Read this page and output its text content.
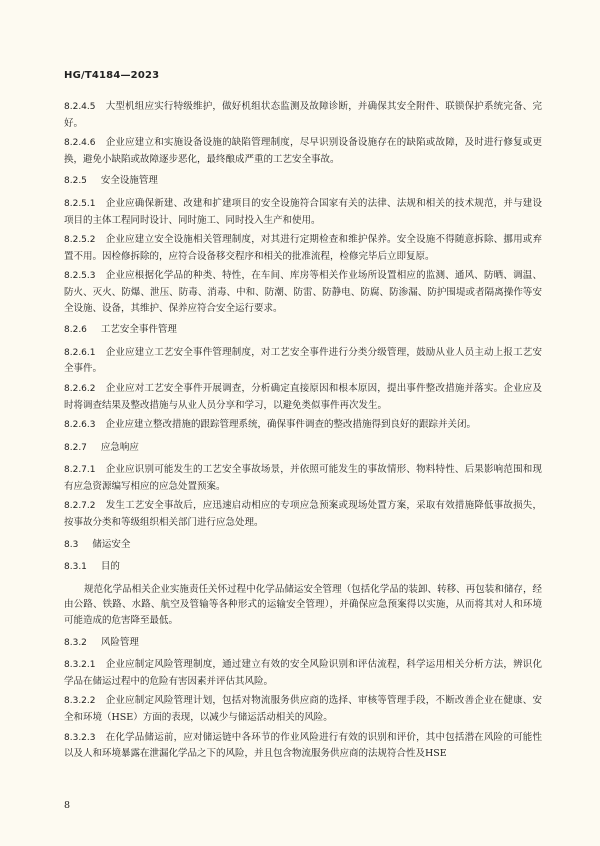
HG/T4184—2023

8.2.4.5 大型机组应实行特级维护，做好机组状态监测及故障诊断，并确保其安全附件、联锁保护系统完备、完好。

8.2.4.6 企业应建立和实施设备设施的缺陷管理制度，尽早识别设备设施存在的缺陷或故障，及时进行修复或更换，避免小缺陷或故障逐步恶化，最终酿成严重的工艺安全事故。

8.2.5 安全设施管理

8.2.5.1 企业应确保新建、改建和扩建项目的安全设施符合国家有关的法律、法规和相关的技术规范，并与建设项目的主体工程同时设计、同时施工、同时投入生产和使用。

8.2.5.2 企业应建立安全设施相关管理制度，对其进行定期检查和维护保养。安全设施不得随意拆除、挪用或弃置不用。因检修拆除的，应符合设备移交程序和相关的批准流程，检修完毕后立即复原。

8.2.5.3 企业应根据化学品的种类、特性，在车间、库房等相关作业场所设置相应的监测、通风、防晒、调温、防火、灭火、防爆、泄压、防毒、消毒、中和、防潮、防雷、防静电、防腐、防渗漏、防护围堤或者隔离操作等安全设施、设备，其维护、保养应符合安全运行要求。

8.2.6 工艺安全事件管理

8.2.6.1 企业应建立工艺安全事件管理制度，对工艺安全事件进行分类分级管理，鼓励从业人员主动上报工艺安全事件。

8.2.6.2 企业应对工艺安全事件开展调查，分析确定直接原因和根本原因，提出事件整改措施并落实。企业应及时将调查结果及整改措施与从业人员分享和学习，以避免类似事件再次发生。

8.2.6.3 企业应建立整改措施的跟踪管理系统，确保事件调查的整改措施得到良好的跟踪并关闭。

8.2.7 应急响应

8.2.7.1 企业应识别可能发生的工艺安全事故场景，并依照可能发生的事故情形、物料特性、后果影响范围和现有应急资源编写相应的应急处置预案。

8.2.7.2 发生工艺安全事故后，应迅速启动相应的专项应急预案或现场处置方案，采取有效措施降低事故损失，按事故分类和等级组织相关部门进行应急处理。

8.3 储运安全

8.3.1 目的

规范化学品相关企业实施责任关怀过程中化学品储运安全管理（包括化学品的装卸、转移、再包装和储存，经由公路、铁路、水路、航空及管输等各种形式的运输安全管理），并确保应急预案得以实施，从而将其对人和环境可能造成的危害降至最低。

8.3.2 风险管理

8.3.2.1 企业应制定风险管理制度，通过建立有效的安全风险识别和评估流程，科学运用相关分析方法，辨识化学品在储运过程中的危险有害因素并评估其风险。

8.3.2.2 企业应制定风险管理计划，包括对物流服务供应商的选择、审核等管理手段，不断改善企业在健康、安全和环境（HSE）方面的表现，以减少与储运活动相关的风险。

8.3.2.3 在化学品储运前，应对储运链中各环节的作业风险进行有效的识别和评价，其中包括潜在风险的可能性以及人和环境暴露在泄漏化学品之下的风险，并且包含物流服务供应商的法规符合性及HSE

8
